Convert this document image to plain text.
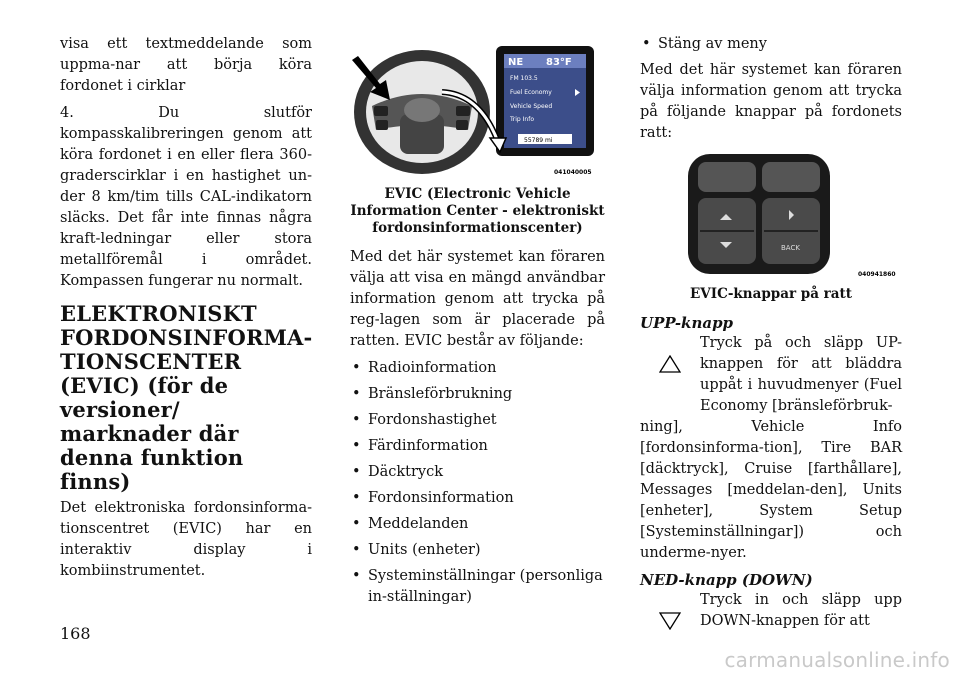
visa ett textmeddelande som uppma-nar att börja köra fordonet i cirklar

4. Du slutför kompasskalibreringen genom att köra fordonet i en eller flera 360-graderscirklar i en hastighet un-der 8 km/tim tills CAL-indikatorn släcks. Det får inte finnas några kraft-ledningar eller stora metallföremål i området. Kompassen fungerar nu normalt.

ELEKTRONISKT FORDONSINFORMA-TIONSCENTER (EVIC) (för de versioner/ marknader där denna funktion finns)

Det elektroniska fordonsinforma-tionscentret (EVIC) har en interaktiv display i kombiinstrumentet.

NE 83°F
FM 103.5
Fuel Economy
Vehicle Speed
Trip Info
55789 mi
041040005
EVIC (Electronic Vehicle Information Center - elektroniskt fordonsinformationscenter)

Med det här systemet kan föraren välja att visa en mängd användbar information genom att trycka på reg-lagen som är placerade på ratten. EVIC består av följande:

• Radioinformation
• Bränsleförbrukning
• Fordonshastighet
• Färdinformation
• Däcktryck
• Fordonsinformation
• Meddelanden
• Units (enheter)
• Systeminställningar (personliga in-ställningar)
• Stäng av meny

Med det här systemet kan föraren välja information genom att trycka på följande knappar på fordonets ratt:

BACK
040941860
EVIC-knappar på ratt
UPP-knapp
Tryck på och släpp UP-knappen för att bläddra uppåt i huvudmenyer (Fuel Economy [bränsleförbruk-

ning], Vehicle Info [fordonsinforma-tion], Tire BAR [däcktryck], Cruise [farthållare], Messages [meddelan-den], Units [enheter], System Setup [Systeminställningar]) och underme-nyer.

NED-knapp (DOWN)
Tryck in och släpp upp DOWN-knappen för att
168
carmanualsonline.info
